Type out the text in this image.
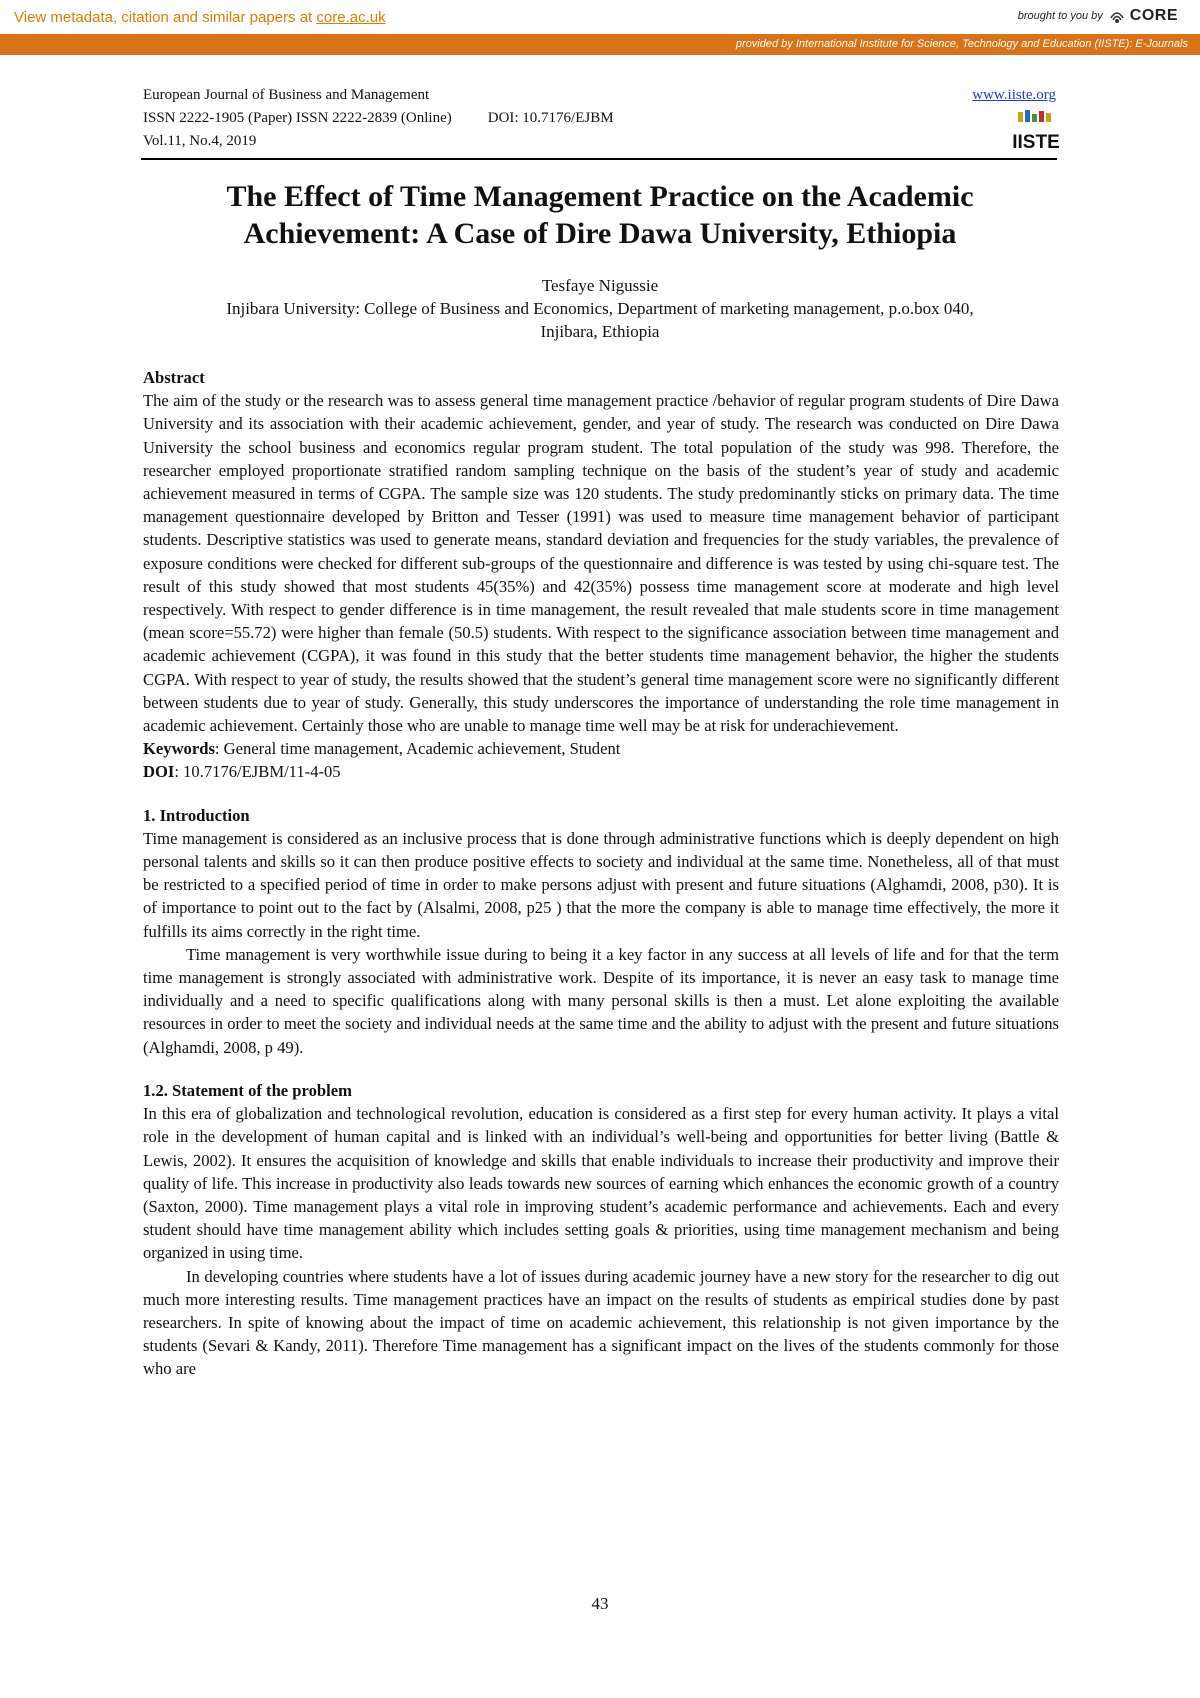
View metadata, citation and similar papers at core.ac.uk	brought to you by CORE
provided by International Institute for Science, Technology and Education (IISTE): E-Journals
European Journal of Business and Management
ISSN 2222-1905 (Paper) ISSN 2222-2839 (Online) DOI: 10.7176/EJBM
Vol.11, No.4, 2019
www.iiste.org
IISTE
The Effect of Time Management Practice on the Academic
Achievement: A Case of Dire Dawa University, Ethiopia
Tesfaye Nigussie
Injibara University: College of Business and Economics, Department of marketing management, p.o.box 040,
Injibara, Ethiopia

Abstract

The aim of the study or the research was to assess general time management practice /behavior of regular program students of Dire Dawa University and its association with their academic achievement, gender, and year of study. The research was conducted on Dire Dawa University the school business and economics regular program student. The total population of the study was 998. Therefore, the researcher employed proportionate stratified random sampling technique on the basis of the student’s year of study and academic achievement measured in terms of CGPA. The sample size was 120 students. The study predominantly sticks on primary data. The time management questionnaire developed by Britton and Tesser (1991) was used to measure time management behavior of participant students. Descriptive statistics was used to generate means, standard deviation and frequencies for the study variables, the prevalence of exposure conditions were checked for different sub-groups of the questionnaire and difference is was tested by using chi-square test. The result of this study showed that most students 45(35%) and 42(35%) possess time management score at moderate and high level respectively. With respect to gender difference is in time management, the result revealed that male students score in time management (mean score=55.72) were higher than female (50.5) students. With respect to the significance association between time management and academic achievement (CGPA), it was found in this study that the better students time management behavior, the higher the students CGPA. With respect to year of study, the results showed that the student’s general time management score were no significantly different between students due to year of study. Generally, this study underscores the importance of understanding the role time management in academic achievement. Certainly those who are unable to manage time well may be at risk for underachievement.

Keywords: General time management, Academic achievement, Student

DOI: 10.7176/EJBM/11-4-05

1. Introduction

Time management is considered as an inclusive process that is done through administrative functions which is deeply dependent on high personal talents and skills so it can then produce positive effects to society and individual at the same time. Nonetheless, all of that must be restricted to a specified period of time in order to make persons adjust with present and future situations (Alghamdi, 2008, p30). It is of importance to point out to the fact by (Alsalmi, 2008, p25 ) that the more the company is able to manage time effectively, the more it fulfills its aims correctly in the right time.

Time management is very worthwhile issue during to being it a key factor in any success at all levels of life and for that the term time management is strongly associated with administrative work. Despite of its importance, it is never an easy task to manage time individually and a need to specific qualifications along with many personal skills is then a must. Let alone exploiting the available resources in order to meet the society and individual needs at the same time and the ability to adjust with the present and future situations (Alghamdi, 2008, p 49).

1.2. Statement of the problem

In this era of globalization and technological revolution, education is considered as a first step for every human activity. It plays a vital role in the development of human capital and is linked with an individual’s well-being and opportunities for better living (Battle & Lewis, 2002). It ensures the acquisition of knowledge and skills that enable individuals to increase their productivity and improve their quality of life. This increase in productivity also leads towards new sources of earning which enhances the economic growth of a country (Saxton, 2000). Time management plays a vital role in improving student’s academic performance and achievements. Each and every student should have time management ability which includes setting goals & priorities, using time management mechanism and being organized in using time.

In developing countries where students have a lot of issues during academic journey have a new story for the researcher to dig out much more interesting results. Time management practices have an impact on the results of students as empirical studies done by past researchers. In spite of knowing about the impact of time on academic achievement, this relationship is not given importance by the students (Sevari & Kandy, 2011). Therefore Time management has a significant impact on the lives of the students commonly for those who are

43
